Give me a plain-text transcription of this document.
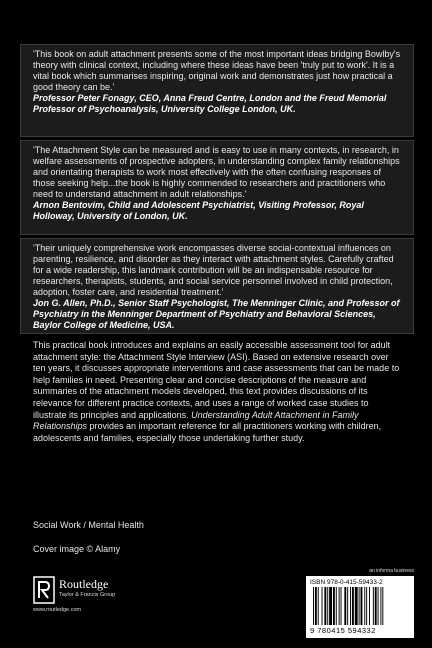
'This book on adult attachment presents some of the most important ideas bridging Bowlby's theory with clinical context, including where these ideas have been 'truly put to work'. It is a vital book which summarises inspiring, original work and demonstrates just how practical a good theory can be.'

Professor Peter Fonagy, CEO, Anna Freud Centre, London and the Freud Memorial Professor of Psychoanalysis, University College London, UK.

'The Attachment Style can be measured and is easy to use in many contexts, in research, in welfare assessments of prospective adopters, in understanding complex family relationships and orientating therapists to work most effectively with the often confusing responses of those seeking help...the book is highly commended to researchers and practitioners who need to understand attachment in adult relationships.'

Arnon Bentovim, Child and Adolescent Psychiatrist, Visiting Professor, Royal Holloway, University of London, UK.

'Their uniquely comprehensive work encompasses diverse social-contextual influences on parenting, resilience, and disorder as they interact with attachment styles. Carefully crafted for a wide readership, this landmark contribution will be an indispensable resource for researchers, therapists, students, and social service personnel involved in child protection, adoption, foster care, and residential treatment.'

Jon G. Allen, Ph.D., Senior Staff Psychologist, The Menninger Clinic, and Professor of Psychiatry in the Menninger Department of Psychiatry and Behavioral Sciences, Baylor College of Medicine, USA.

This practical book introduces and explains an easily accessible assessment tool for adult attachment style: the Attachment Style Interview (ASI). Based on extensive research over ten years, it discusses appropriate interventions and case assessments that can be made to help families in need. Presenting clear and concise descriptions of the measure and summaries of the attachment models developed, this text provides discussions of its relevance for different practice contexts, and uses a range of worked case studies to illustrate its principles and applications. Understanding Adult Attachment in Family Relationships provides an important reference for all practitioners working with children, adolescents and families, especially those undertaking further study.

Social Work / Mental Health

Cover image © Alamy

Routledge

Taylor & Francis Group

www.routledge.com

an informa business

ISBN 978-0-415-59433-2

9 780415 594332
